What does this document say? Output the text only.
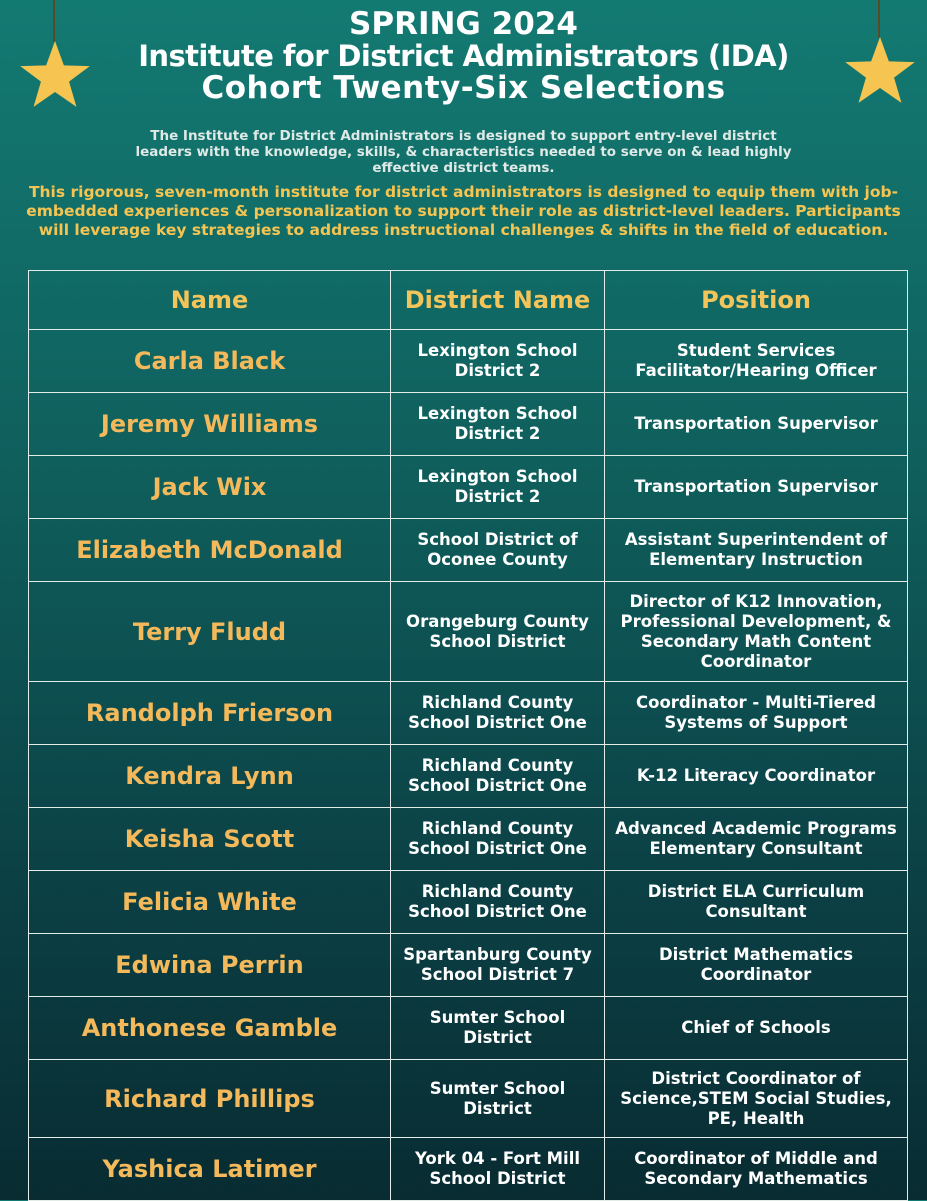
SPRING 2024
Institute for District Administrators (IDA)
Cohort Twenty-Six Selections
The Institute for District Administrators is designed to support entry-level district leaders with the knowledge, skills, & characteristics needed to serve on & lead highly effective district teams.
This rigorous, seven-month institute for district administrators is designed to equip them with job-embedded experiences & personalization to support their role as district-level leaders. Participants will leverage key strategies to address instructional challenges & shifts in the field of education.
Name	District Name	Position
Carla Black	Lexington School District 2	Student Services Facilitator/Hearing Officer
Jeremy Williams	Lexington School District 2	Transportation Supervisor
Jack Wix	Lexington School District 2	Transportation Supervisor
Elizabeth McDonald	School District of Oconee County	Assistant Superintendent of Elementary Instruction
Terry Fludd	Orangeburg County School District	Director of K12 Innovation, Professional Development, & Secondary Math Content Coordinator
Randolph Frierson	Richland County School District One	Coordinator - Multi-Tiered Systems of Support
Kendra Lynn	Richland County School District One	K-12 Literacy Coordinator
Keisha Scott	Richland County School District One	Advanced Academic Programs Elementary Consultant
Felicia White	Richland County School District One	District ELA Curriculum Consultant
Edwina Perrin	Spartanburg County School District 7	District Mathematics Coordinator
Anthonese Gamble	Sumter School District	Chief of Schools
Richard Phillips	Sumter School District	District Coordinator of Science,STEM Social Studies, PE, Health
Yashica Latimer	York 04 - Fort Mill School District	Coordinator of Middle and Secondary Mathematics
